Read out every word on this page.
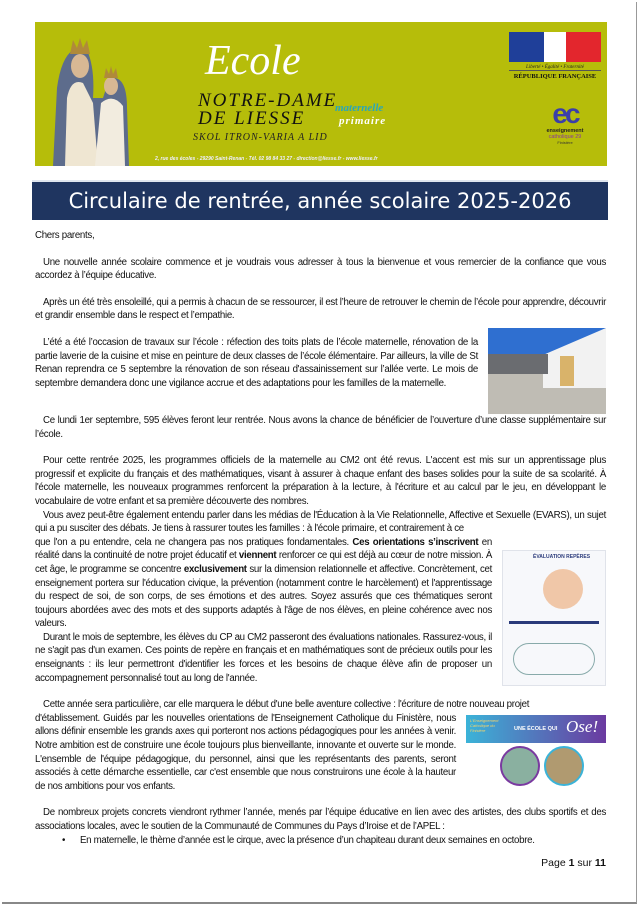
Ecole
NOTRE-DAME
DE LIESSE	maternelle
primaire
SKOL ITRON-VARIA A LID
2, rue des écoles - 29290 Saint-Renan - Tél. 02 98 84 33 27 - direction@liesse.fr - www.liesse.fr
Liberté • Égalité • Fraternité
RÉPUBLIQUE FRANÇAISE
ec
enseignement
catholique 29
Finistère
Circulaire de rentrée, année scolaire 2025-2026
Chers parents,
Une nouvelle année scolaire commence et je voudrais vous adresser à tous la bienvenue et vous remercier de la confiance que vous accordez à l’équipe éducative.
Après un été très ensoleillé, qui a permis à chacun de se ressourcer, il est l’heure de retrouver le chemin de l’école pour apprendre, découvrir et grandir ensemble dans le respect et l’empathie.
L’été a été l’occasion de travaux sur l’école : réfection des toits plats de l’école maternelle, rénovation de la partie laverie de la cuisine et mise en peinture de deux classes de l’école élémentaire. Par ailleurs, la ville de St Renan reprendra ce 5 septembre la rénovation de son réseau d'assainissement sur l’allée verte. Le mois de septembre demandera donc une vigilance accrue et des adaptations pour les familles de la maternelle.
Ce lundi 1er septembre, 595 élèves feront leur rentrée. Nous avons la chance de bénéficier de l’ouverture d’une classe supplémentaire sur l’école.
Pour cette rentrée 2025, les programmes officiels de la maternelle au CM2 ont été revus. L'accent est mis sur un apprentissage plus progressif et explicite du français et des mathématiques, visant à assurer à chaque enfant des bases solides pour la suite de sa scolarité. À l'école maternelle, les nouveaux programmes renforcent la préparation à la lecture, à l'écriture et au calcul par le jeu, en développant le vocabulaire de votre enfant et sa première découverte des nombres.
Vous avez peut-être également entendu parler dans les médias de l'Éducation à la Vie Relationnelle, Affective et Sexuelle (EVARS), un sujet qui a pu susciter des débats. Je tiens à rassurer toutes les familles : à l'école primaire, et contrairement à ce
ÉVALUATION REPÈRES
que l'on a pu entendre, cela ne changera pas nos pratiques fondamentales. Ces orientations s’inscrivent en réalité dans la continuité de notre projet éducatif et viennent renforcer ce qui est déjà au cœur de notre mission. À cet âge, le programme se concentre exclusivement sur la dimension relationnelle et affective. Concrètement, cet enseignement portera sur l'éducation civique, la prévention (notamment contre le harcèlement) et l'apprentissage du respect de soi, de son corps, de ses émotions et des autres. Soyez assurés que ces thématiques seront toujours abordées avec des mots et des supports adaptés à l'âge de nos élèves, en pleine cohérence avec nos valeurs.
Durant le mois de septembre, les élèves du CP au CM2 passeront des évaluations nationales. Rassurez-vous, il ne s'agit pas d'un examen. Ces points de repère en français et en mathématiques sont de précieux outils pour les enseignants : ils leur permettront d'identifier les forces et les besoins de chaque élève afin de proposer un accompagnement personnalisé tout au long de l'année.
Cette année sera particulière, car elle marquera le début d'une belle aventure collective : l'écriture de notre nouveau projet
L’Enseignement Catholique du Finistère	UNE ÉCOLE QUI Ose!
d'établissement. Guidés par les nouvelles orientations de l'Enseignement Catholique du Finistère, nous allons définir ensemble les grands axes qui porteront nos actions pédagogiques pour les années à venir. Notre ambition est de construire une école toujours plus bienveillante, innovante et ouverte sur le monde. L'ensemble de l'équipe pédagogique, du personnel, ainsi que les représentants des parents, seront associés à cette démarche essentielle, car c'est ensemble que nous construirons une école à la hauteur de nos ambitions pour vos enfants.
De nombreux projets concrets viendront rythmer l’année, menés par l’équipe éducative en lien avec des artistes, des clubs sportifs et des associations locales, avec le soutien de la Communauté de Communes du Pays d’Iroise et de l’APEL :
•	En maternelle, le thème d’année est le cirque, avec la présence d’un chapiteau durant deux semaines en octobre.
Page 1 sur 11
